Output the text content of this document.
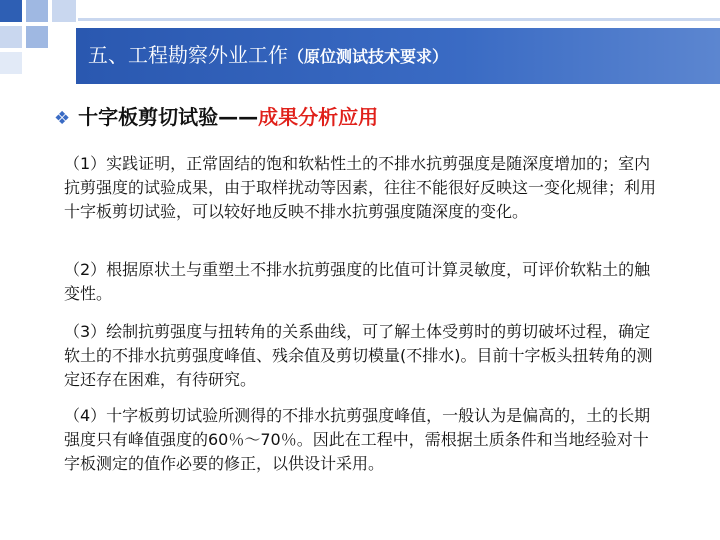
五、工程勘察外业工作（原位测试技术要求）
❖ 十字板剪切试验——成果分析应用
（1）实践证明，正常固结的饱和软粘性土的不排水抗剪强度是随深度增加的；室内抗剪强度的试验成果，由于取样扰动等因素，往往不能很好反映这一变化规律；利用十字板剪切试验，可以较好地反映不排水抗剪强度随深度的变化。
（2）根据原状土与重塑土不排水抗剪强度的比值可计算灵敏度，可评价软粘土的触变性。
（3）绘制抗剪强度与扭转角的关系曲线，可了解土体受剪时的剪切破坏过程，确定软土的不排水抗剪强度峰值、残余值及剪切模量(不排水)。目前十字板头扭转角的测定还存在困难，有待研究。
（4）十字板剪切试验所测得的不排水抗剪强度峰值，一般认为是偏高的，土的长期强度只有峰值强度的60％～70％。因此在工程中，需根据土质条件和当地经验对十字板测定的值作必要的修正，以供设计采用。
